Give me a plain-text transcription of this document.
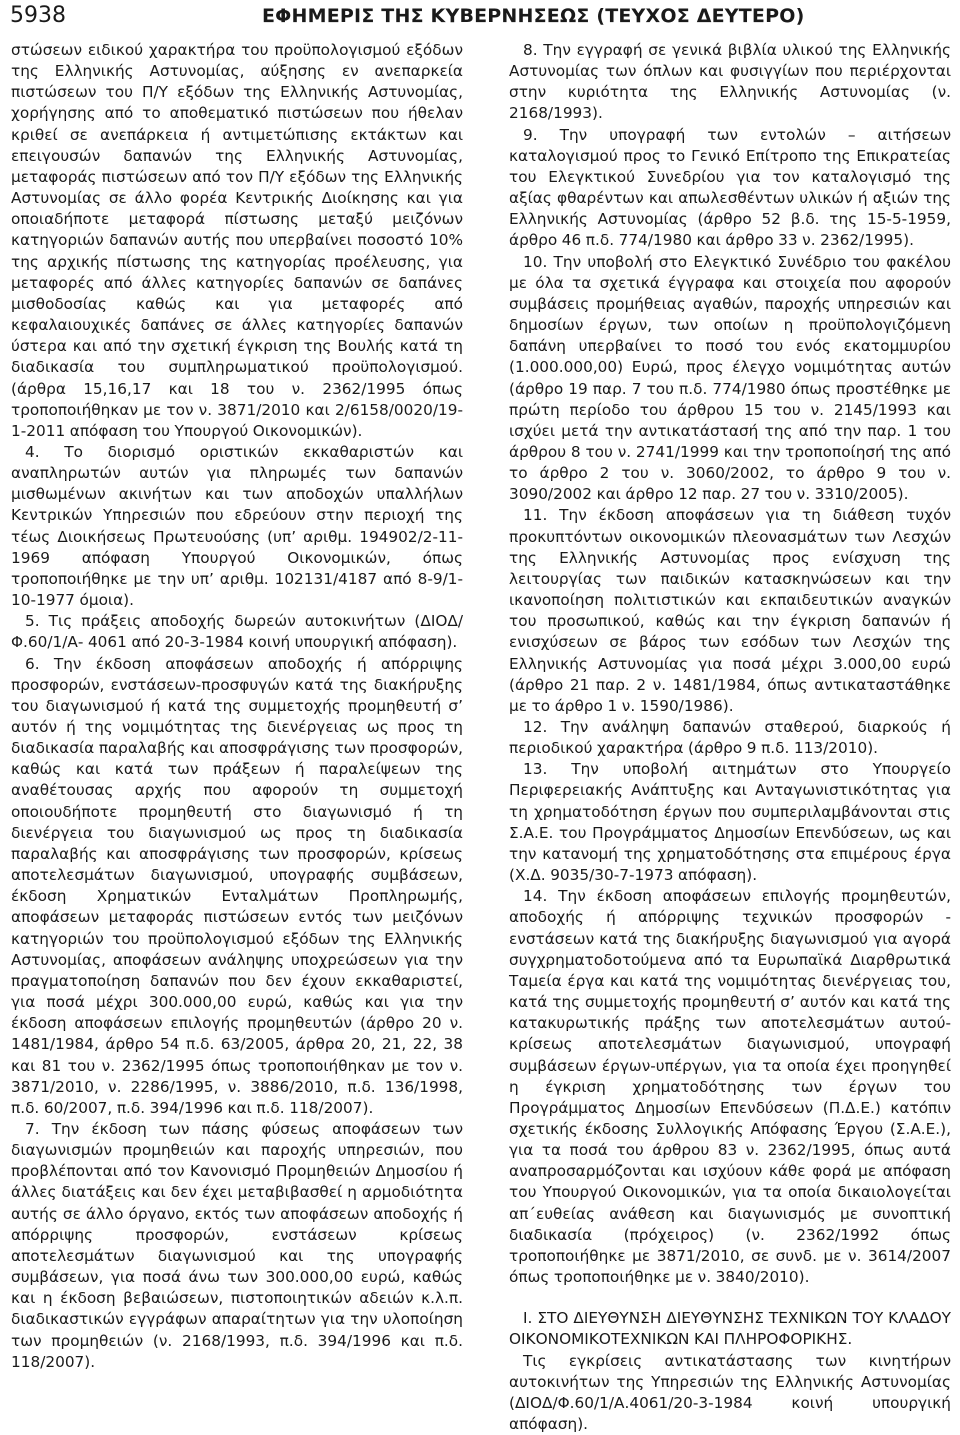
5938	ΕΦΗΜΕΡΙΣ ΤΗΣ ΚΥΒΕΡΝΗΣΕΩΣ (ΤΕΥΧΟΣ ΔΕΥΤΕΡΟ)

στώσεων ειδικού χαρακτήρα του προϋπολογισμού εξόδων της Ελληνικής Αστυνομίας, αύξησης εν ανεπαρκεία πιστώσεων του Π/Υ εξόδων της Ελληνικής Αστυνομίας, χορήγησης από το αποθεματικό πιστώσεων που ήθελαν κριθεί σε ανεπάρκεια ή αντιμετώπισης εκτάκτων και επειγουσών δαπανών της Ελληνικής Αστυνομίας, μεταφοράς πιστώσεων από τον Π/Υ εξόδων της Ελληνικής Αστυνομίας σε άλλο φορέα Κεντρικής Διοίκησης και για οποιαδήποτε μεταφορά πίστωσης μεταξύ μειζόνων κατηγοριών δαπανών αυτής που υπερβαίνει ποσοστό 10% της αρχικής πίστωσης της κατηγορίας προέλευσης, για μεταφορές από άλλες κατηγορίες δαπανών σε δαπάνες μισθοδοσίας καθώς και για μεταφορές από κεφαλαιουχικές δαπάνες σε άλλες κατηγορίες δαπανών ύστερα και από την σχετική έγκριση της Βουλής κατά τη διαδικασία του συμπληρωματικού προϋπολογισμού. (άρθρα 15,16,17 και 18 του ν. 2362/1995 όπως τροποποιήθηκαν με τον ν. 3871/2010 και 2/6158/0020/19-1-2011 απόφαση του Υπουργού Οικονομικών).

4. Το διορισμό οριστικών εκκαθαριστών και αναπληρωτών αυτών για πληρωμές των δαπανών μισθωμένων ακινήτων και των αποδοχών υπαλλήλων Κεντρικών Υπηρεσιών που εδρεύουν στην περιοχή της τέως Διοικήσεως Πρωτευούσης (υπ’ αριθμ. 194902/2-11-1969 απόφαση Υπουργού Οικονομικών, όπως τροποποιήθηκε με την υπ’ αριθμ. 102131/4187 από 8-9/1-10-1977 όμοια).

5. Τις πράξεις αποδοχής δωρεών αυτοκινήτων (ΔΙΟΔ/Φ.60/1/Α- 4061 από 20-3-1984 κοινή υπουργική απόφαση).

6. Την έκδοση αποφάσεων αποδοχής ή απόρριψης προσφορών, ενστάσεων-προσφυγών κατά της διακήρυξης του διαγωνισμού ή κατά της συμμετοχής προμηθευτή σ’ αυτόν ή της νομιμότητας της διενέργειας ως προς τη διαδικασία παραλαβής και αποσφράγισης των προσφορών, καθώς και κατά των πράξεων ή παραλείψεων της αναθέτουσας αρχής που αφορούν τη συμμετοχή οποιουδήποτε προμηθευτή στο διαγωνισμό ή τη διενέργεια του διαγωνισμού ως προς τη διαδικασία παραλαβής και αποσφράγισης των προσφορών, κρίσεως αποτελεσμάτων διαγωνισμού, υπογραφής συμβάσεων, έκδοση Χρηματικών Ενταλμάτων Προπληρωμής, αποφάσεων μεταφοράς πιστώσεων εντός των μειζόνων κατηγοριών του προϋπολογισμού εξόδων της Ελληνικής Αστυνομίας, αποφάσεων ανάληψης υποχρεώσεων για την πραγματοποίηση δαπανών που δεν έχουν εκκαθαριστεί, για ποσά μέχρι 300.000,00 ευρώ, καθώς και για την έκδοση αποφάσεων επιλογής προμηθευτών (άρθρο 20 ν. 1481/1984, άρθρο 54 π.δ. 63/2005, άρθρα 20, 21, 22, 38 και 81 του ν. 2362/1995 όπως τροποποιήθηκαν με τον ν. 3871/2010, ν. 2286/1995, ν. 3886/2010, π.δ. 136/1998, π.δ. 60/2007, π.δ. 394/1996 και π.δ. 118/2007).

7. Την έκδοση των πάσης φύσεως αποφάσεων των διαγωνισμών προμηθειών και παροχής υπηρεσιών, που προβλέπονται από τον Κανονισμό Προμηθειών Δημοσίου ή άλλες διατάξεις και δεν έχει μεταβιβασθεί η αρμοδιότητα αυτής σε άλλο όργανο, εκτός των αποφάσεων αποδοχής ή απόρριψης προσφορών, ενστάσεων κρίσεως αποτελεσμάτων διαγωνισμού και της υπογραφής συμβάσεων, για ποσά άνω των 300.000,00 ευρώ, καθώς και η έκδοση βεβαιώσεων, πιστοποιητικών αδειών κ.λ.π. διαδικαστικών εγγράφων απαραίτητων για την υλοποίηση των προμηθειών (ν. 2168/1993, π.δ. 394/1996 και π.δ. 118/2007).

8. Την εγγραφή σε γενικά βιβλία υλικού της Ελληνικής Αστυνομίας των όπλων και φυσιγγίων που περιέρχονται στην κυριότητα της Ελληνικής Αστυνομίας (ν. 2168/1993).

9. Την υπογραφή των εντολών – αιτήσεων καταλογισμού προς το Γενικό Επίτροπο της Επικρατείας του Ελεγκτικού Συνεδρίου για τον καταλογισμό της αξίας φθαρέντων και απωλεσθέντων υλικών ή αξιών της Ελληνικής Αστυνομίας (άρθρο 52 β.δ. της 15-5-1959, άρθρο 46 π.δ. 774/1980 και άρθρο 33 ν. 2362/1995).

10. Την υποβολή στο Ελεγκτικό Συνέδριο του φακέλου με όλα τα σχετικά έγγραφα και στοιχεία που αφορούν συμβάσεις προμήθειας αγαθών, παροχής υπηρεσιών και δημοσίων έργων, των οποίων η προϋπολογιζόμενη δαπάνη υπερβαίνει το ποσό του ενός εκατομμυρίου (1.000.000,00) Ευρώ, προς έλεγχο νομιμότητας αυτών (άρθρο 19 παρ. 7 του π.δ. 774/1980 όπως προστέθηκε με πρώτη περίοδο του άρθρου 15 του ν. 2145/1993 και ισχύει μετά την αντικατάστασή της από την παρ. 1 του άρθρου 8 του ν. 2741/1999 και την τροποποίησή της από το άρθρο 2 του ν. 3060/2002, το άρθρο 9 του ν. 3090/2002 και άρθρο 12 παρ. 27 του ν. 3310/2005).

11. Την έκδοση αποφάσεων για τη διάθεση τυχόν προκυπτόντων οικονομικών πλεονασμάτων των Λεσχών της Ελληνικής Αστυνομίας προς ενίσχυση της λειτουργίας των παιδικών κατασκηνώσεων και την ικανοποίηση πολιτιστικών και εκπαιδευτικών αναγκών του προσωπικού, καθώς και την έγκριση δαπανών ή ενισχύσεων σε βάρος των εσόδων των Λεσχών της Ελληνικής Αστυνομίας για ποσά μέχρι 3.000,00 ευρώ (άρθρο 21 παρ. 2 ν. 1481/1984, όπως αντικαταστάθηκε με το άρθρο 1 ν. 1590/1986).

12. Την ανάληψη δαπανών σταθερού, διαρκούς ή περιοδικού χαρακτήρα (άρθρο 9 π.δ. 113/2010).

13. Την υποβολή αιτημάτων στο Υπουργείο Περιφερειακής Ανάπτυξης και Ανταγωνιστικότητας για τη χρηματοδότηση έργων που συμπεριλαμβάνονται στις Σ.Α.Ε. του Προγράμματος Δημοσίων Επενδύσεων, ως και την κατανομή της χρηματοδότησης στα επιμέρους έργα (Χ.Δ. 9035/30-7-1973 απόφαση).

14. Την έκδοση αποφάσεων επιλογής προμηθευτών, αποδοχής ή απόρριψης τεχνικών προσφορών - ενστάσεων κατά της διακήρυξης διαγωνισμού για αγορά συγχρηματοδοτούμενα από τα Ευρωπαϊκά Διαρθρωτικά Ταμεία έργα και κατά της νομιμότητας διενέργειας του, κατά της συμμετοχής προμηθευτή σ’ αυτόν και κατά της κατακυρωτικής πράξης των αποτελεσμάτων αυτού-κρίσεως αποτελεσμάτων διαγωνισμού, υπογραφή συμβάσεων έργων-υπέργων, για τα οποία έχει προηγηθεί η έγκριση χρηματοδότησης των έργων του Προγράμματος Δημοσίων Επενδύσεων (Π.Δ.Ε.) κατόπιν σχετικής έκδοσης Συλλογικής Απόφασης Έργου (Σ.Α.Ε.), για τα ποσά του άρθρου 83 ν. 2362/1995, όπως αυτά αναπροσαρμόζονται και ισχύουν κάθε φορά με απόφαση του Υπουργού Οικονομικών, για τα οποία δικαιολογείται απ΄ευθείας ανάθεση και διαγωνισμός με συνοπτική διαδικασία (πρόχειρος) (ν. 2362/1992 όπως τροποποιήθηκε με 3871/2010, σε συνδ. με ν. 3614/2007 όπως τροποποιήθηκε με ν. 3840/2010).

Ι. ΣΤΟ ΔΙΕΥΘΥΝΣΗ ΔΙΕΥΘΥΝΣΗΣ ΤΕΧΝΙΚΩΝ ΤΟΥ ΚΛΑΔΟΥ ΟΙΚΟΝΟΜΙΚΟΤΕΧΝΙΚΩΝ ΚΑΙ ΠΛΗΡΟΦΟΡΙΚΗΣ.

Τις εγκρίσεις αντικατάστασης των κινητήρων αυτοκινήτων της Υπηρεσιών της Ελληνικής Αστυνομίας (ΔΙΟΔ/Φ.60/1/Α.4061/20-3-1984 κοινή υπουργική απόφαση).
